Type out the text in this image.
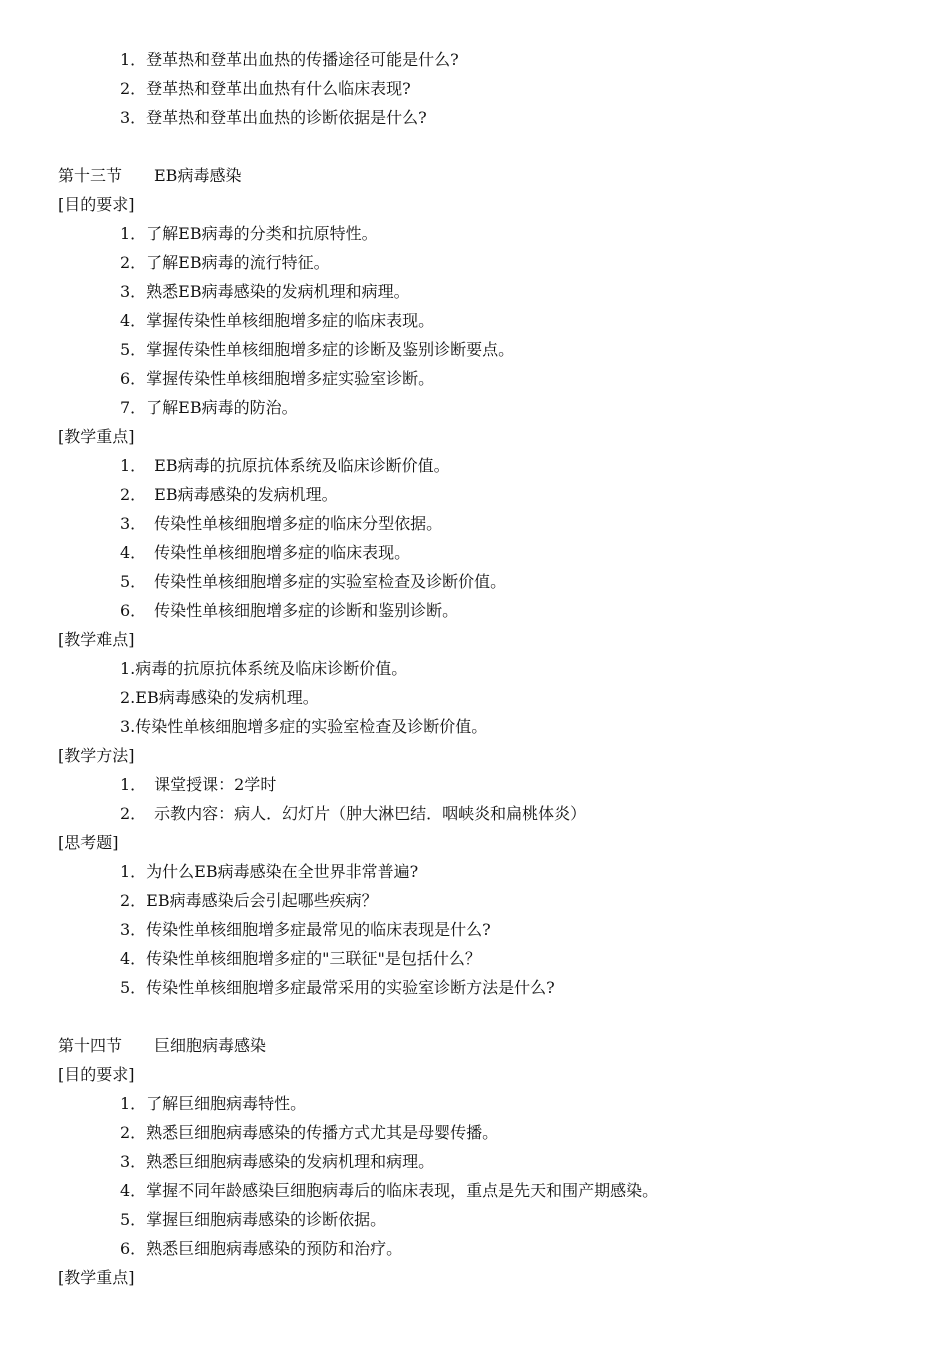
1．登革热和登革出血热的传播途径可能是什么?
2．登革热和登革出血热有什么临床表现?
3．登革热和登革出血热的诊断依据是什么?
第十三节　　EB病毒感染
[目的要求]
1．了解EB病毒的分类和抗原特性。
2．了解EB病毒的流行特征。
3．熟悉EB病毒感染的发病机理和病理。
4．掌握传染性单核细胞增多症的临床表现。
5．掌握传染性单核细胞增多症的诊断及鉴别诊断要点。
6．掌握传染性单核细胞增多症实验室诊断。
7．了解EB病毒的防治。
[教学重点]
1．　EB病毒的抗原抗体系统及临床诊断价值。
2．　EB病毒感染的发病机理。
3．　传染性单核细胞增多症的临床分型依据。
4．　传染性单核细胞增多症的临床表现。
5．　传染性单核细胞增多症的实验室检查及诊断价值。
6．　传染性单核细胞增多症的诊断和鉴别诊断。
[教学难点]
1.病毒的抗原抗体系统及临床诊断价值。
2.EB病毒感染的发病机理。
3.传染性单核细胞增多症的实验室检查及诊断价值。
[教学方法]
1．　课堂授课：2学时
2．　示教内容：病人．幻灯片（肿大淋巴结．咽峡炎和扁桃体炎）
[思考题]
1．为什么EB病毒感染在全世界非常普遍?
2．EB病毒感染后会引起哪些疾病？
3．传染性单核细胞增多症最常见的临床表现是什么?
4．传染性单核细胞增多症的"三联征"是包括什么？
5．传染性单核细胞增多症最常采用的实验室诊断方法是什么?
第十四节　　巨细胞病毒感染
[目的要求]
1．了解巨细胞病毒特性。
2．熟悉巨细胞病毒感染的传播方式尤其是母婴传播。
3．熟悉巨细胞病毒感染的发病机理和病理。
4．掌握不同年龄感染巨细胞病毒后的临床表现，重点是先天和围产期感染。
5．掌握巨细胞病毒感染的诊断依据。
6．熟悉巨细胞病毒感染的预防和治疗。
[教学重点]
